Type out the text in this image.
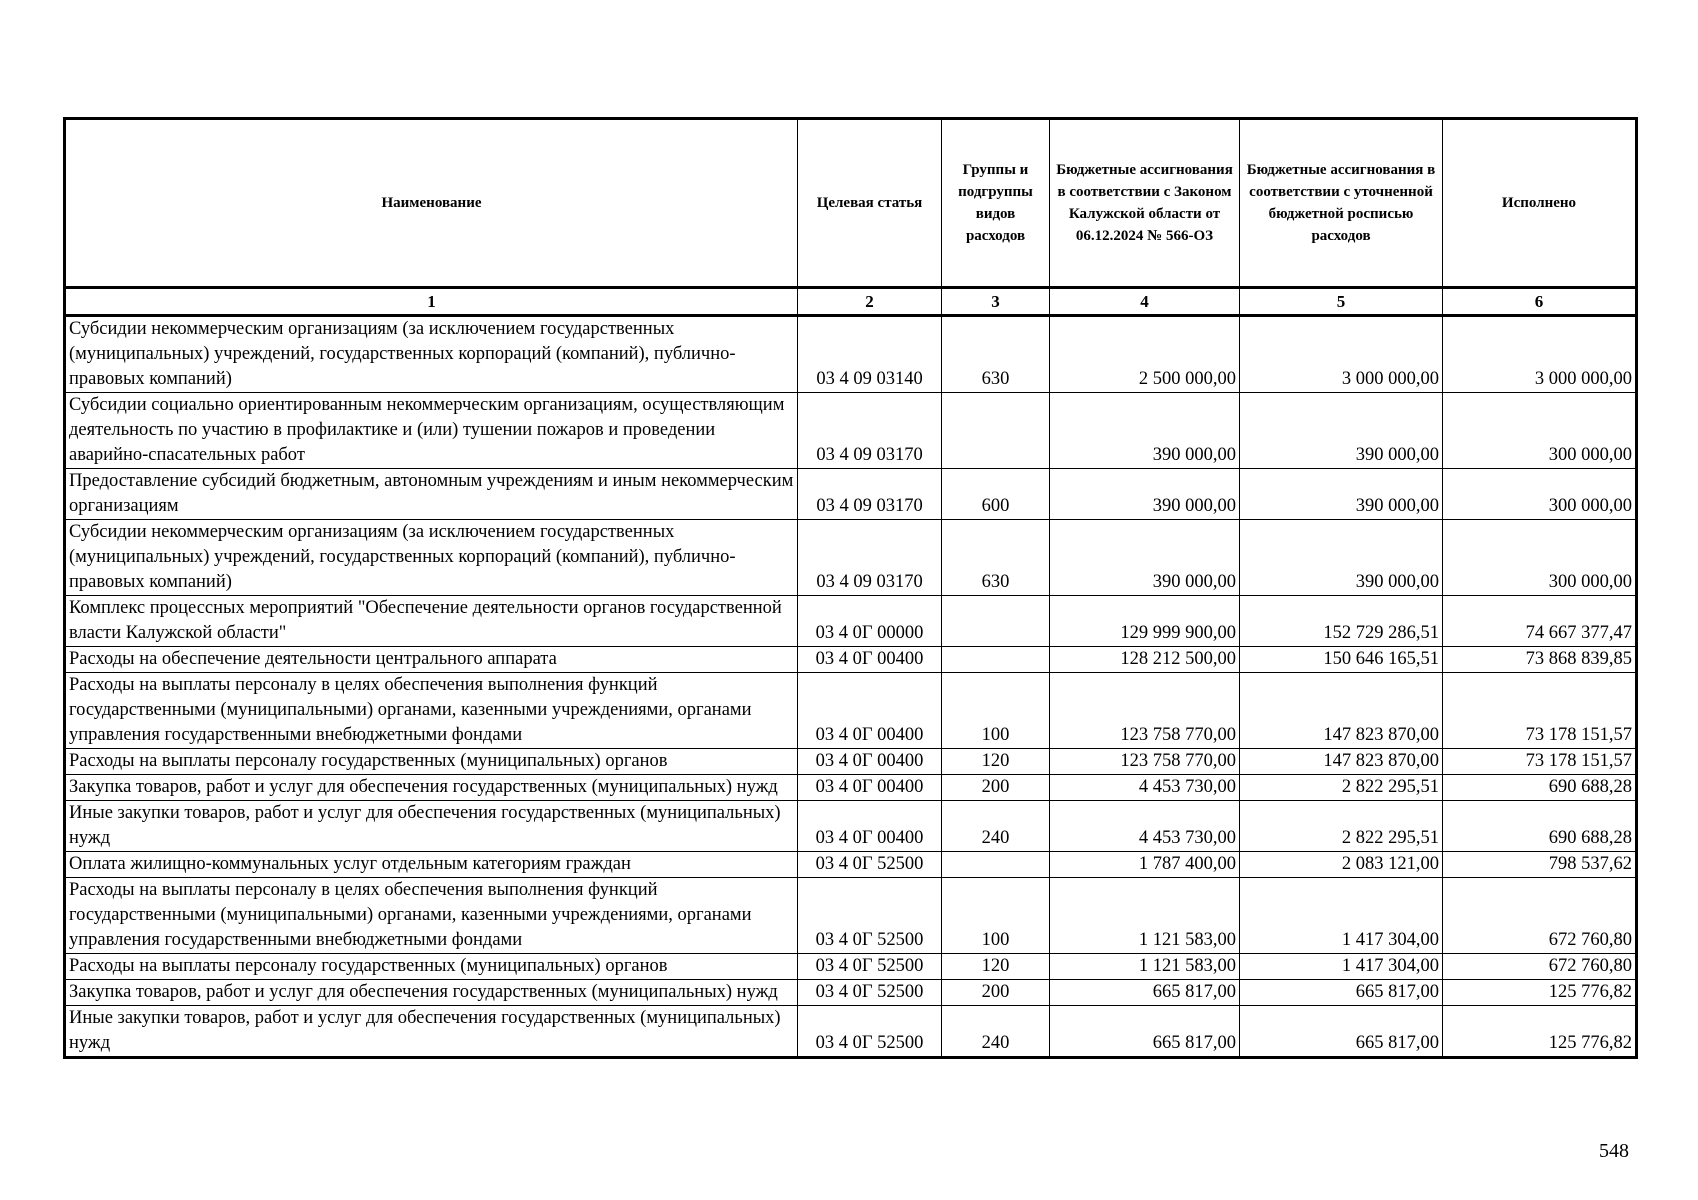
Наименование	Целевая статья	Группы и подгруппы видов расходов	Бюджетные ассигнования в соответствии с Законом Калужской области от 06.12.2024 № 566-ОЗ	Бюджетные ассигнования в соответствии с уточненной бюджетной росписью расходов	Исполнено
1	2	3	4	5	6
Субсидии некоммерческим организациям (за исключением государственных (муниципальных) учреждений, государственных корпораций (компаний), публично-правовых компаний)	03 4 09 03140	630	2 500 000,00	3 000 000,00	3 000 000,00
Субсидии социально ориентированным некоммерческим организациям, осуществляющим деятельность по участию в профилактике и (или) тушении пожаров и проведении аварийно-спасательных работ	03 4 09 03170		390 000,00	390 000,00	300 000,00
Предоставление субсидий бюджетным, автономным учреждениям и иным некоммерческим организациям	03 4 09 03170	600	390 000,00	390 000,00	300 000,00
Субсидии некоммерческим организациям (за исключением государственных (муниципальных) учреждений, государственных корпораций (компаний), публично-правовых компаний)	03 4 09 03170	630	390 000,00	390 000,00	300 000,00
Комплекс процессных мероприятий "Обеспечение деятельности органов государственной власти Калужской области"	03 4 0Г 00000		129 999 900,00	152 729 286,51	74 667 377,47
Расходы на обеспечение деятельности центрального аппарата	03 4 0Г 00400		128 212 500,00	150 646 165,51	73 868 839,85
Расходы на выплаты персоналу в целях обеспечения выполнения функций государственными (муниципальными) органами, казенными учреждениями, органами управления государственными внебюджетными фондами	03 4 0Г 00400	100	123 758 770,00	147 823 870,00	73 178 151,57
Расходы на выплаты персоналу государственных (муниципальных) органов	03 4 0Г 00400	120	123 758 770,00	147 823 870,00	73 178 151,57
Закупка товаров, работ и услуг для обеспечения государственных (муниципальных) нужд	03 4 0Г 00400	200	4 453 730,00	2 822 295,51	690 688,28
Иные закупки товаров, работ и услуг для обеспечения государственных (муниципальных) нужд	03 4 0Г 00400	240	4 453 730,00	2 822 295,51	690 688,28
Оплата жилищно-коммунальных услуг отдельным категориям граждан	03 4 0Г 52500		1 787 400,00	2 083 121,00	798 537,62
Расходы на выплаты персоналу в целях обеспечения выполнения функций государственными (муниципальными) органами, казенными учреждениями, органами управления государственными внебюджетными фондами	03 4 0Г 52500	100	1 121 583,00	1 417 304,00	672 760,80
Расходы на выплаты персоналу государственных (муниципальных) органов	03 4 0Г 52500	120	1 121 583,00	1 417 304,00	672 760,80
Закупка товаров, работ и услуг для обеспечения государственных (муниципальных) нужд	03 4 0Г 52500	200	665 817,00	665 817,00	125 776,82
Иные закупки товаров, работ и услуг для обеспечения государственных (муниципальных) нужд	03 4 0Г 52500	240	665 817,00	665 817,00	125 776,82
548
